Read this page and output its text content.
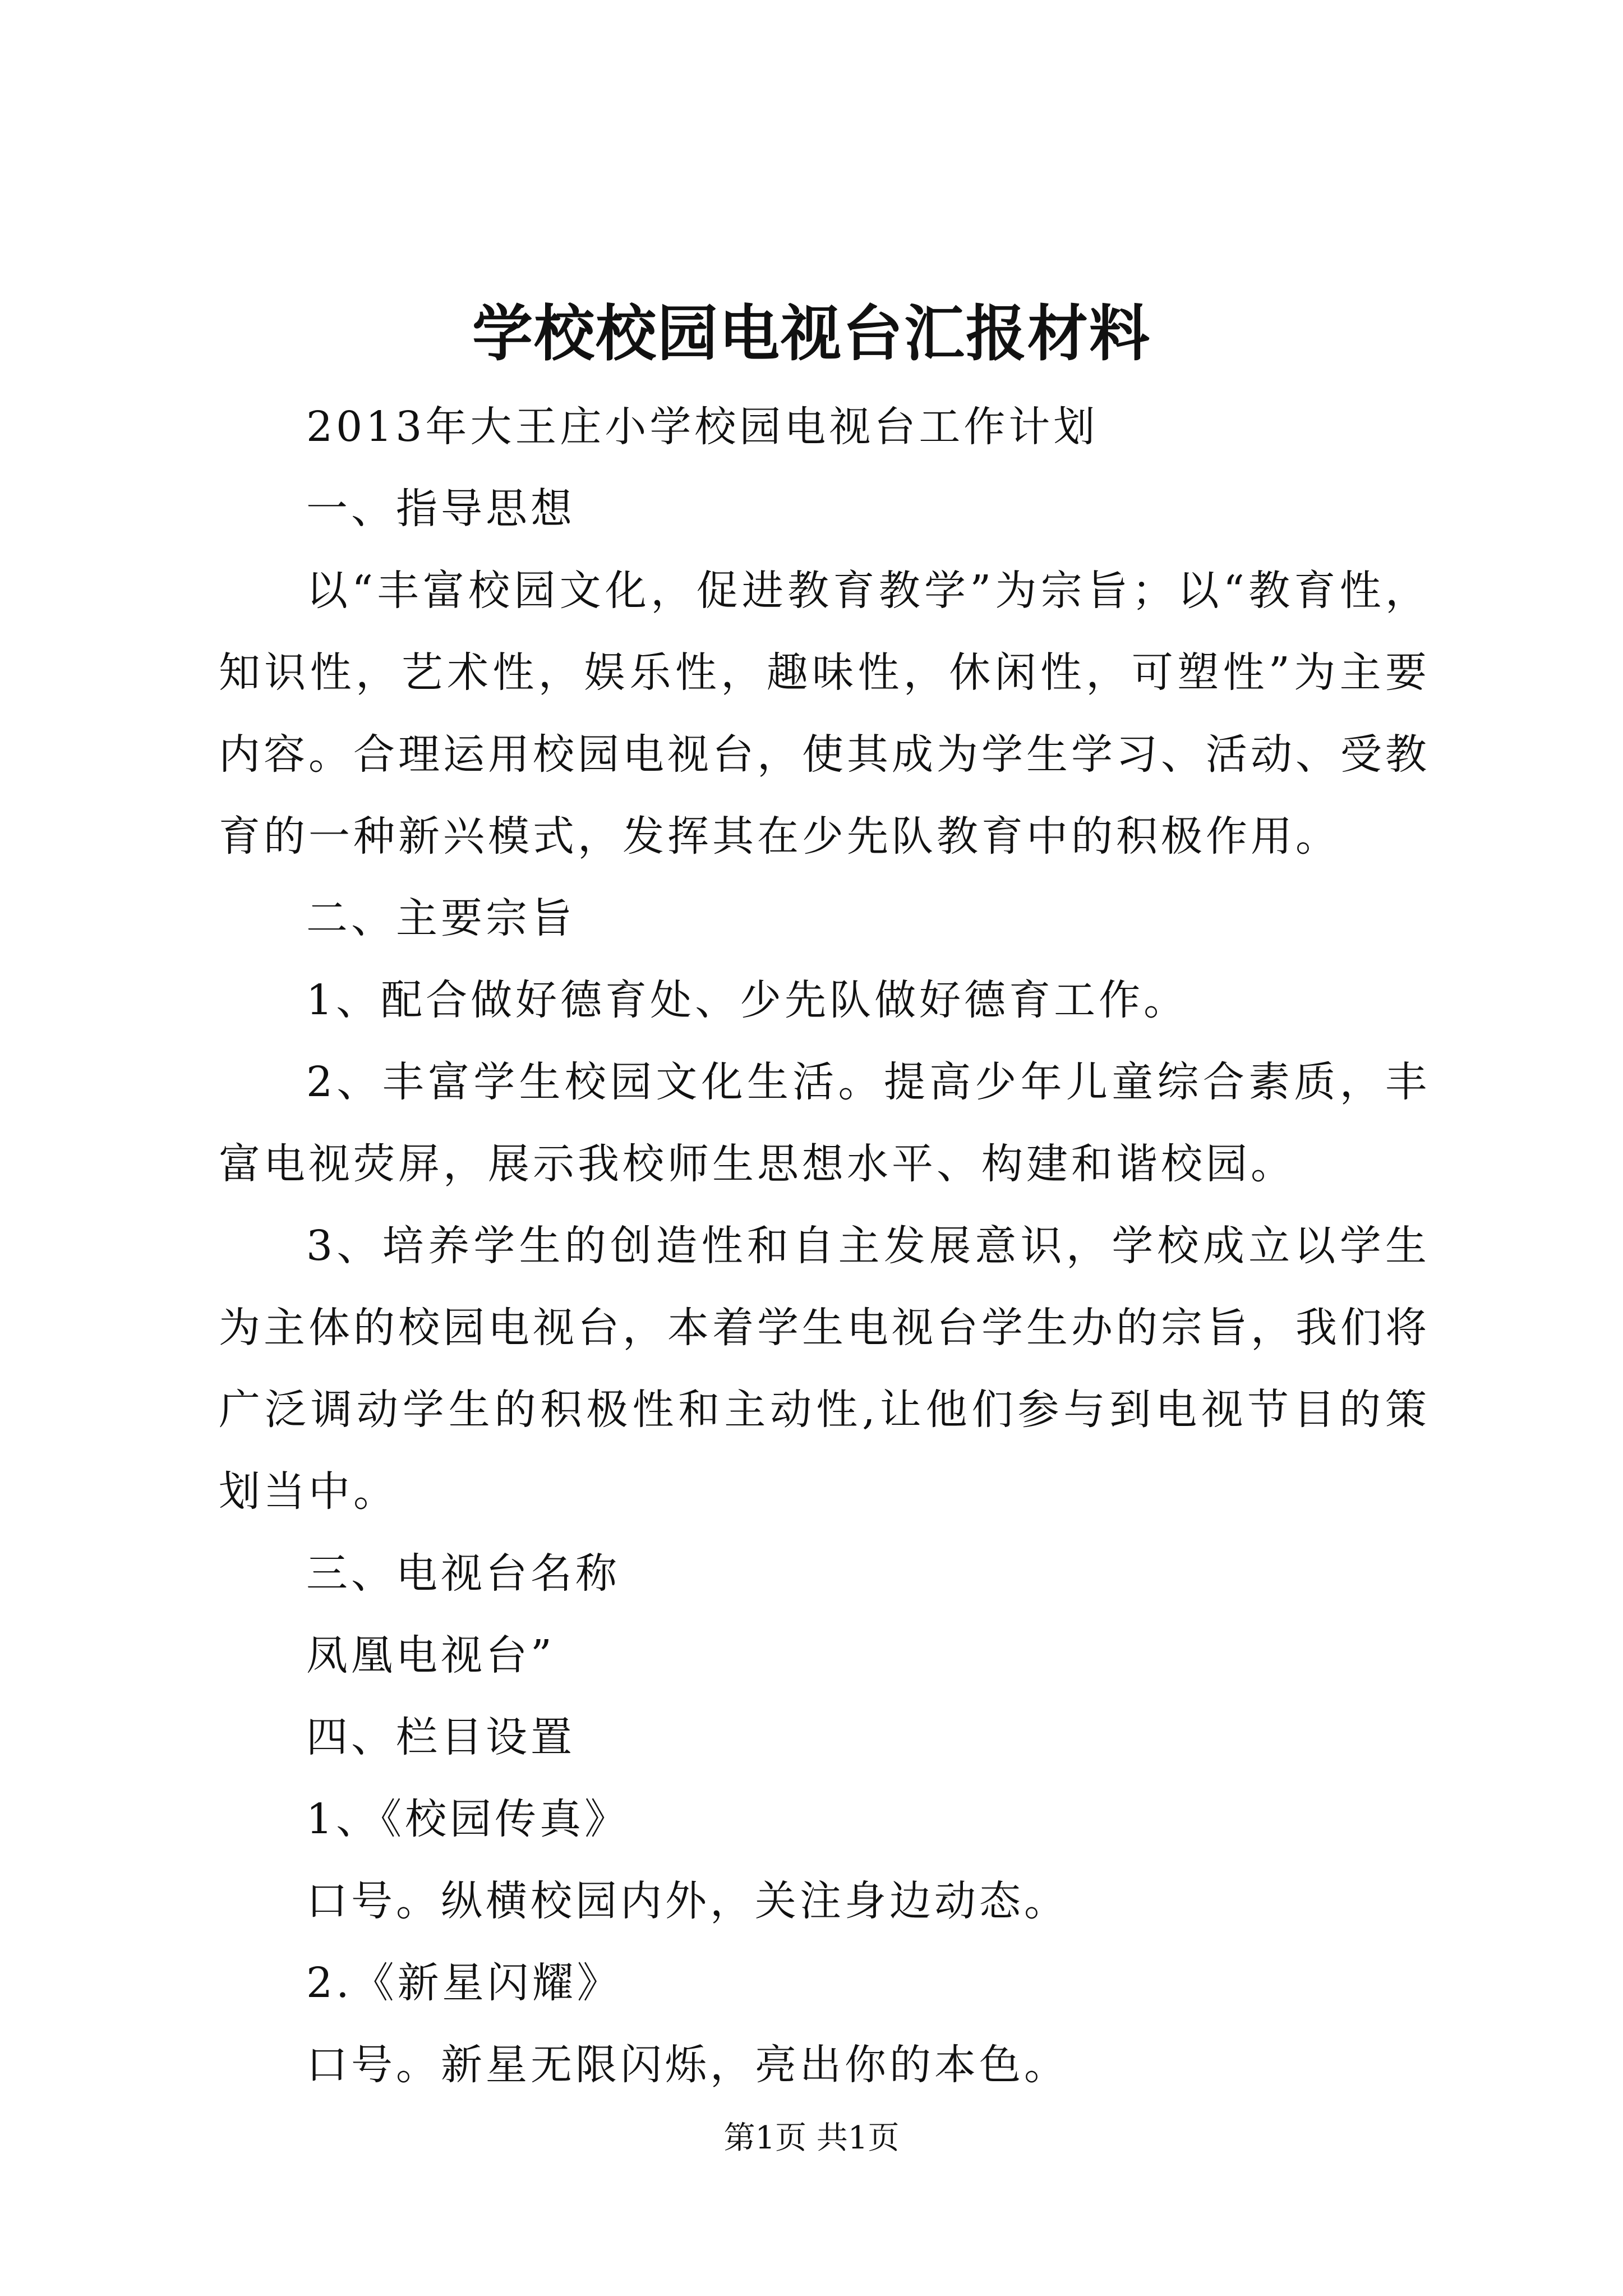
学校校园电视台汇报材料

2013年大王庄小学校园电视台工作计划

一、指导思想

以“丰富校园文化，促进教育教学”为宗旨；以“教育性，知识性，艺术性，娱乐性，趣味性，休闲性，可塑性”为主要内容。合理运用校园电视台，使其成为学生学习、活动、受教育的一种新兴模式，发挥其在少先队教育中的积极作用。

二、主要宗旨

1、配合做好德育处、少先队做好德育工作。

2、丰富学生校园文化生活。提高少年儿童综合素质，丰富电视荧屏，展示我校师生思想水平、构建和谐校园。

3、培养学生的创造性和自主发展意识，学校成立以学生为主体的校园电视台，本着学生电视台学生办的宗旨，我们将广泛调动学生的积极性和主动性,让他们参与到电视节目的策划当中。

三、电视台名称

凤凰电视台”

四、栏目设置

1、《校园传真》

口号。纵横校园内外，关注身边动态。

2.《新星闪耀》

口号。新星无限闪烁，亮出你的本色。

第1页 共1页
